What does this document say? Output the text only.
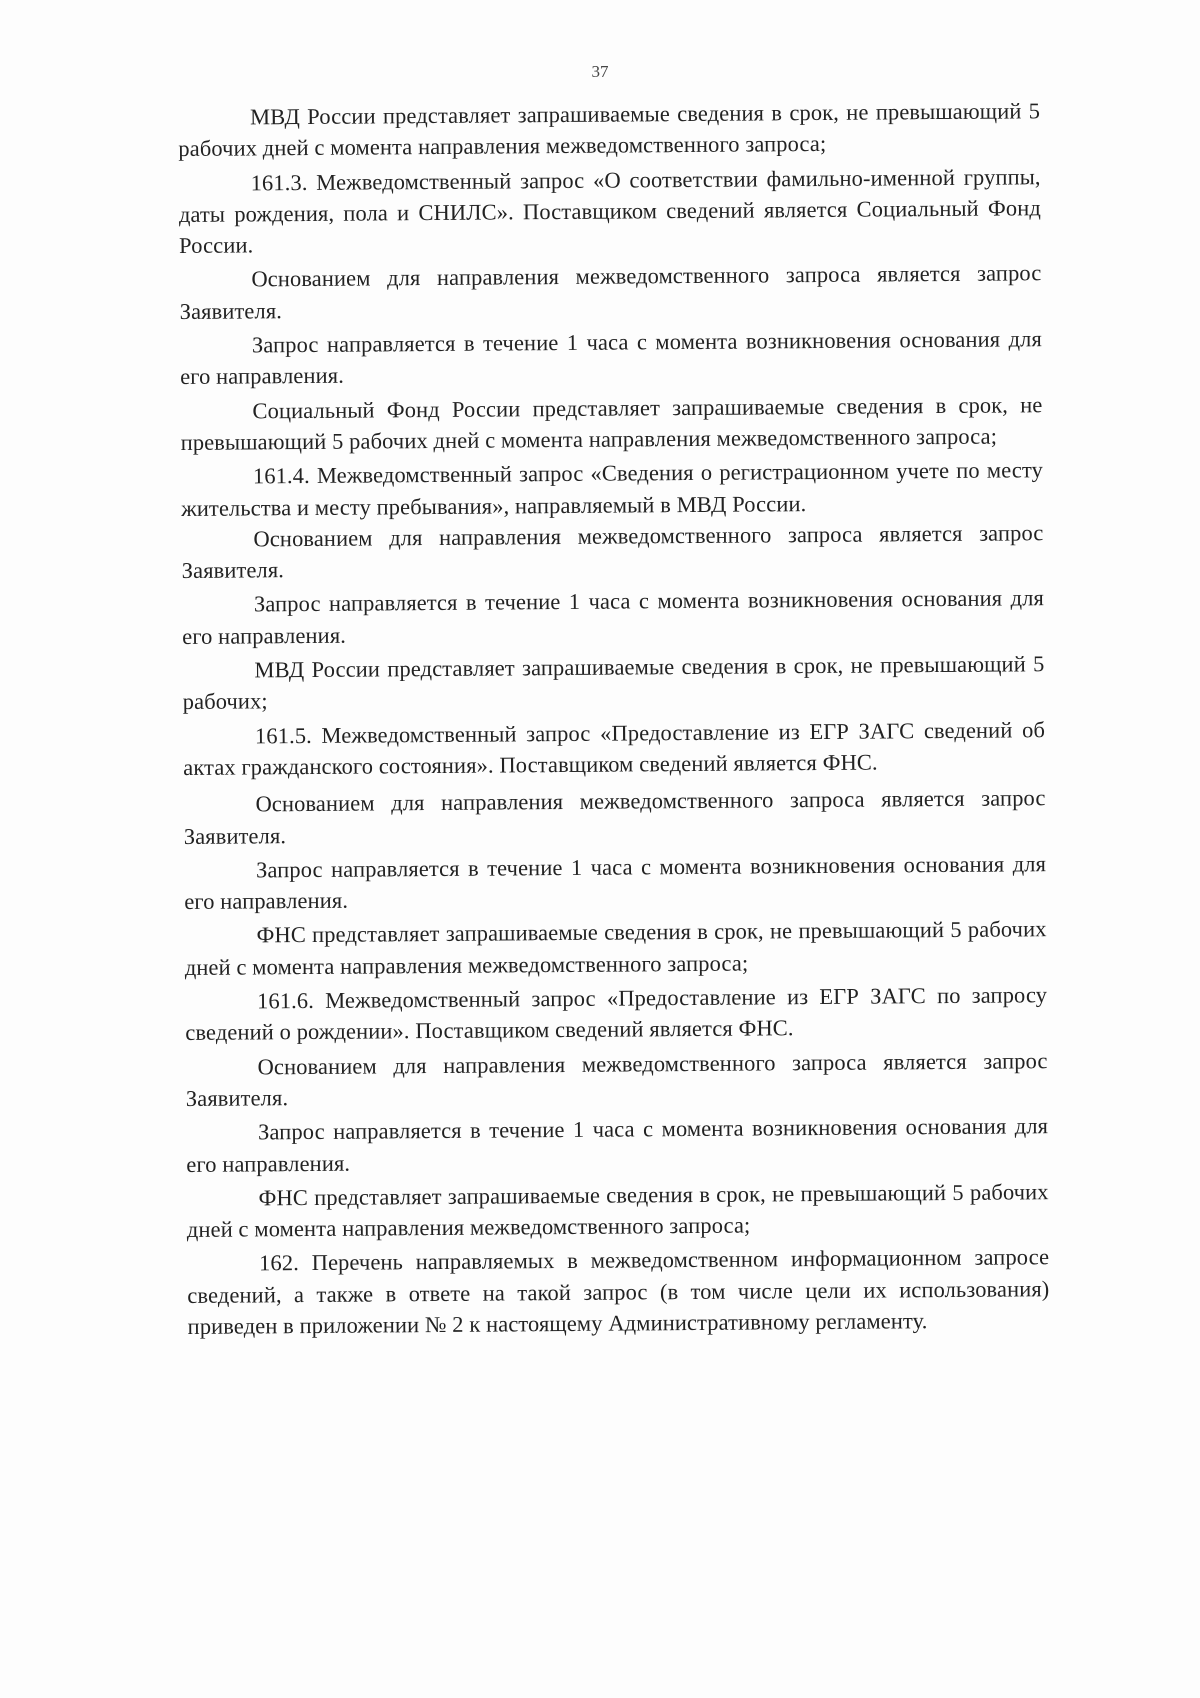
37

МВД России представляет запрашиваемые сведения в срок, не превышающий 5 рабочих дней с момента направления межведомственного запроса;

161.3. Межведомственный запрос «О соответствии фамильно-именной группы, даты рождения, пола и СНИЛС». Поставщиком сведений является Социальный Фонд России.

Основанием для направления межведомственного запроса является запрос Заявителя.

Запрос направляется в течение 1 часа с момента возникновения основания для его направления.

Социальный Фонд России представляет запрашиваемые сведения в срок, не превышающий 5 рабочих дней с момента направления межведомственного запроса;

161.4. Межведомственный запрос «Сведения о регистрационном учете по месту жительства и месту пребывания», направляемый в МВД России.

Основанием для направления межведомственного запроса является запрос Заявителя.

Запрос направляется в течение 1 часа с момента возникновения основания для его направления.

МВД России представляет запрашиваемые сведения в срок, не превышающий 5 рабочих;

161.5. Межведомственный запрос «Предоставление из ЕГР ЗАГС сведений об актах гражданского состояния». Поставщиком сведений является ФНС.

Основанием для направления межведомственного запроса является запрос Заявителя.

Запрос направляется в течение 1 часа с момента возникновения основания для его направления.

ФНС представляет запрашиваемые сведения в срок, не превышающий 5 рабочих дней с момента направления межведомственного запроса;

161.6. Межведомственный запрос «Предоставление из ЕГР ЗАГС по запросу сведений о рождении». Поставщиком сведений является ФНС.

Основанием для направления межведомственного запроса является запрос Заявителя.

Запрос направляется в течение 1 часа с момента возникновения основания для его направления.

ФНС представляет запрашиваемые сведения в срок, не превышающий 5 рабочих дней с момента направления межведомственного запроса;

162. Перечень направляемых в межведомственном информационном запросе сведений, а также в ответе на такой запрос (в том числе цели их использования) приведен в приложении № 2 к настоящему Административному регламенту.
